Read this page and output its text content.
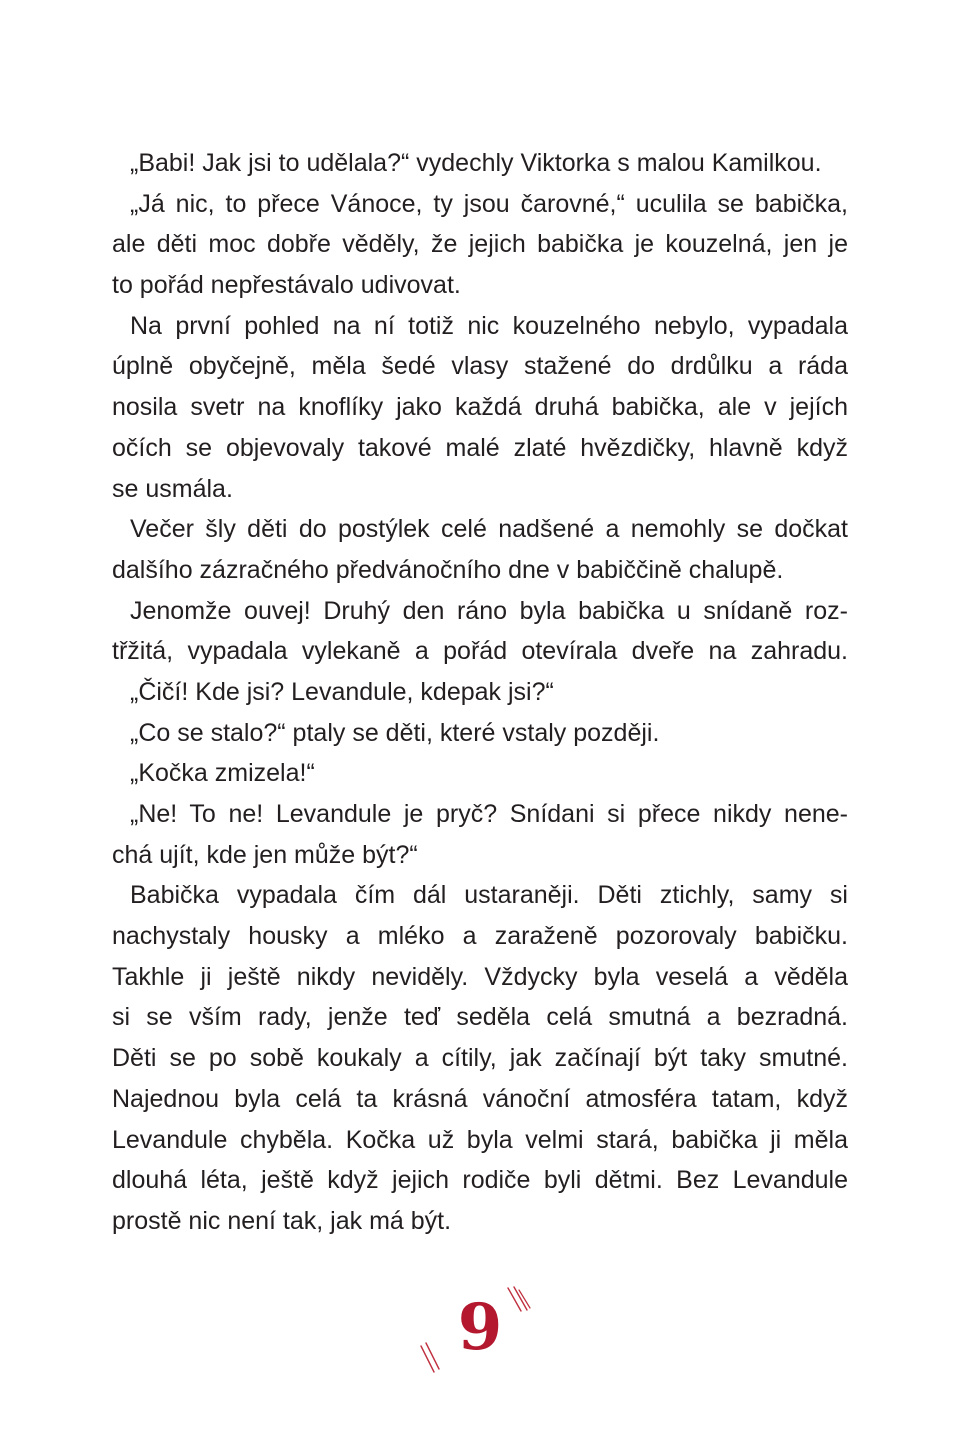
„Babi! Jak jsi to udělala?“ vydechly Viktorka s malou Kamilkou.
„Já nic, to přece Vánoce, ty jsou čarovné,“ uculila se babička,
ale děti moc dobře věděly, že jejich babička je kouzelná, jen je
to pořád nepřestávalo udivovat.
Na první pohled na ní totiž nic kouzelného nebylo, vypadala
úplně obyčejně, měla šedé vlasy stažené do drdůlku a ráda
nosila svetr na knoflíky jako každá druhá babička, ale v jejích
očích se objevovaly takové malé zlaté hvězdičky, hlavně když
se usmála.
Večer šly děti do postýlek celé nadšené a nemohly se dočkat
dalšího zázračného předvánočního dne v babiččině chalupě.
Jenomže ouvej! Druhý den ráno byla babička u snídaně roz-
třžitá, vypadala vylekaně a pořád otevírala dveře na zahradu.
„Čičí! Kde jsi? Levandule, kdepak jsi?“
„Co se stalo?“ ptaly se děti, které vstaly později.
„Kočka zmizela!“
„Ne! To ne! Levandule je pryč? Snídani si přece nikdy nene-
chá ujít, kde jen může být?“
Babička vypadala čím dál ustaraněji. Děti ztichly, samy si
nachystaly housky a mléko a zaraženě pozorovaly babičku.
Takhle ji ještě nikdy neviděly. Vždycky byla veselá a věděla
si se vším rady, jenže teď seděla celá smutná a bezradná.
Děti se po sobě koukaly a cítily, jak začínají být taky smutné.
Najednou byla celá ta krásná vánoční atmosféra tatam, když
Levandule chyběla. Kočka už byla velmi stará, babička ji měla
dlouhá léta, ještě když jejich rodiče byli dětmi. Bez Levandule
prostě nic není tak, jak má být.
9
